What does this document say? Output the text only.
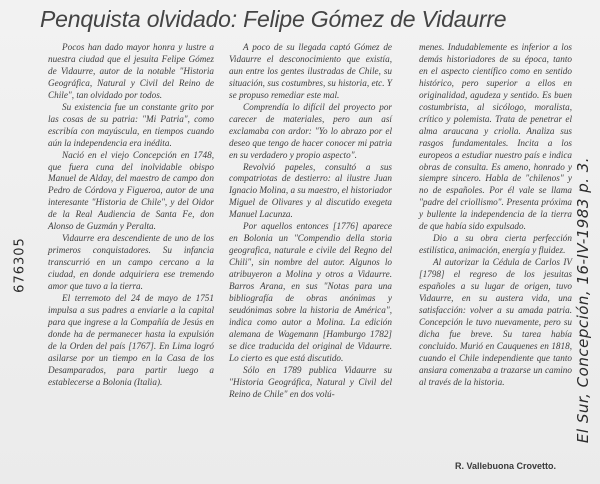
Penquista olvidado: Felipe Gómez de Vidaurre

Pocos han dado mayor honra y lustre a nuestra ciudad que el jesuita Felipe Gómez de Vidaurre, autor de la notable "Historia Geográfica, Natural y Civil del Reino de Chile", tan olvidado por todos.

Su existencia fue un constante grito por las cosas de su patria: "Mi Patria", como escribía con mayúscula, en tiempos cuando aún la independencia era inédita.

Nació en el viejo Concepción en 1748, que fuera cuna del inolvidable obispo Manuel de Alday, del maestro de campo don Pedro de Córdova y Figueroa, autor de una interesante "Historia de Chile", y del Oidor de la Real Audiencia de Santa Fe, don Alonso de Guzmán y Peralta.

Vidaurre era descendiente de uno de los primeros conquistadores. Su infancia transcurrió en un campo cercano a la ciudad, en donde adquiriera ese tremendo amor que tuvo a la tierra.

El terremoto del 24 de mayo de 1751 impulsa a sus padres a enviarle a la capital para que ingrese a la Compañía de Jesús en donde ha de permanecer hasta la expulsión de la Orden del país [1767]. En Lima logró asilarse por un tiempo en la Casa de los Desamparados, para partir luego a establecerse a Bolonia (Italia).

A poco de su llegada captó Gómez de Vidaurre el desconocimiento que existía, aun entre los gentes ilustradas de Chile, su situación, sus costumbres, su historia, etc. Y se propuso remediar este mal.

Comprendía lo difícil del proyecto por carecer de materiales, pero aun así exclamaba con ardor: "Yo lo abrazo por el deseo que tengo de hacer conocer mi patria en su verdadero y propio aspecto".

Revolvió papeles, consultó a sus compatriotas de destierro: al ilustre Juan Ignacio Molina, a su maestro, el historiador Miguel de Olivares y al discutido exegeta Manuel Lacunza.

Por aquellos entonces [1776] aparece en Bolonia un "Compendio della storia geografica, naturale e civile del Regno del Chili", sin nombre del autor. Algunos lo atribuyeron a Molina y otros a Vidaurre. Barros Arana, en sus "Notas para una bibliografía de obras anónimas y seudónimas sobre la historia de América", indica como autor a Molina. La edición alemana de Wagemann [Hamburgo 1782] se dice traducida del original de Vidaurre. Lo cierto es que está discutido.

Sólo en 1789 publica Vidaurre su "Historia Geográfica, Natural y Civil del Reino de Chile" en dos volú-

menes. Indudablemente es inferior a los demás historiadores de su época, tanto en el aspecto científico como en sentido histórico, pero superior a ellos en originalidad, agudeza y sentido. Es buen costumbrista, al sicólogo, moralista, crítico y polemista. Trata de penetrar el alma araucana y criolla. Analiza sus rasgos fundamentales. Incita a los europeos a estudiar nuestro país e indica obras de consulta. Es ameno, honrado y siempre sincero. Habla de "chilenos" y no de españoles. Por él vale se llama "padre del criollismo". Presenta próxima y bullente la independencia de la tierra de que había sido expulsado.

Dio a su obra cierta perfección estilística, animación, energía y fluidez.

Al autorizar la Cédula de Carlos IV [1798] el regreso de los jesuitas españoles a su lugar de origen, tuvo Vidaurre, en su austera vida, una satisfacción: volver a su amada patria. Concepción le tuvo nuevamente, pero su dicha fue breve. Su tarea había concluido. Murió en Cauquenes en 1818, cuando el Chile independiente que tanto ansiara comenzaba a trazarse un camino al través de la historia.

R. Vallebuona Crovetto.
676305	El Sur, Concepción, 16-IV-1983 p. 3.
